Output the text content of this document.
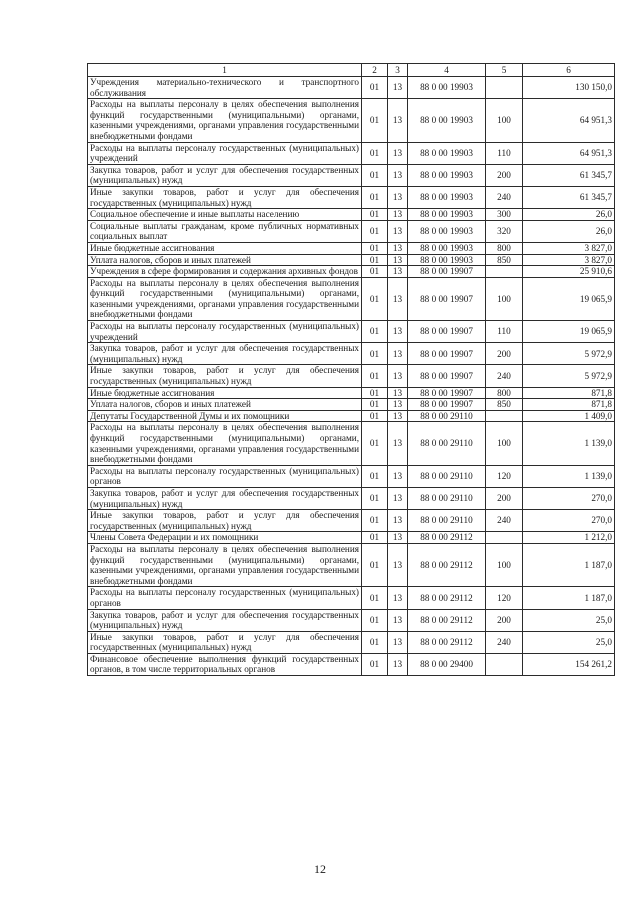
1	2	3	4	5	6
Учреждения материально-технического и транспортного обслуживания	01	13	88 0 00 19903		130 150,0
Расходы на выплаты персоналу в целях обеспечения выполнения функций государственными (муниципальными) органами, казенными учреждениями, органами управления государственными внебюджетными фондами	01	13	88 0 00 19903	100	64 951,3
Расходы на выплаты персоналу государственных (муниципальных) учреждений	01	13	88 0 00 19903	110	64 951,3
Закупка товаров, работ и услуг для обеспечения государственных (муниципальных) нужд	01	13	88 0 00 19903	200	61 345,7
Иные закупки товаров, работ и услуг для обеспечения государственных (муниципальных) нужд	01	13	88 0 00 19903	240	61 345,7
Социальное обеспечение и иные выплаты населению	01	13	88 0 00 19903	300	26,0
Социальные выплаты гражданам, кроме публичных нормативных социальных выплат	01	13	88 0 00 19903	320	26,0
Иные бюджетные ассигнования	01	13	88 0 00 19903	800	3 827,0
Уплата налогов, сборов и иных платежей	01	13	88 0 00 19903	850	3 827,0
Учреждения в сфере формирования и содержания архивных фондов	01	13	88 0 00 19907		25 910,6
Расходы на выплаты персоналу в целях обеспечения выполнения функций государственными (муниципальными) органами, казенными учреждениями, органами управления государственными внебюджетными фондами	01	13	88 0 00 19907	100	19 065,9
Расходы на выплаты персоналу государственных (муниципальных) учреждений	01	13	88 0 00 19907	110	19 065,9
Закупка товаров, работ и услуг для обеспечения государственных (муниципальных) нужд	01	13	88 0 00 19907	200	5 972,9
Иные закупки товаров, работ и услуг для обеспечения государственных (муниципальных) нужд	01	13	88 0 00 19907	240	5 972,9
Иные бюджетные ассигнования	01	13	88 0 00 19907	800	871,8
Уплата налогов, сборов и иных платежей	01	13	88 0 00 19907	850	871,8
Депутаты Государственной Думы и их помощники	01	13	88 0 00 29110		1 409,0
Расходы на выплаты персоналу в целях обеспечения выполнения функций государственными (муниципальными) органами, казенными учреждениями, органами управления государственными внебюджетными фондами	01	13	88 0 00 29110	100	1 139,0
Расходы на выплаты персоналу государственных (муниципальных) органов	01	13	88 0 00 29110	120	1 139,0
Закупка товаров, работ и услуг для обеспечения государственных (муниципальных) нужд	01	13	88 0 00 29110	200	270,0
Иные закупки товаров, работ и услуг для обеспечения государственных (муниципальных) нужд	01	13	88 0 00 29110	240	270,0
Члены Совета Федерации и их помощники	01	13	88 0 00 29112		1 212,0
Расходы на выплаты персоналу в целях обеспечения выполнения функций государственными (муниципальными) органами, казенными учреждениями, органами управления государственными внебюджетными фондами	01	13	88 0 00 29112	100	1 187,0
Расходы на выплаты персоналу государственных (муниципальных) органов	01	13	88 0 00 29112	120	1 187,0
Закупка товаров, работ и услуг для обеспечения государственных (муниципальных) нужд	01	13	88 0 00 29112	200	25,0
Иные закупки товаров, работ и услуг для обеспечения государственных (муниципальных) нужд	01	13	88 0 00 29112	240	25,0
Финансовое обеспечение выполнения функций государственных органов, в том числе территориальных органов	01	13	88 0 00 29400		154 261,2
12
